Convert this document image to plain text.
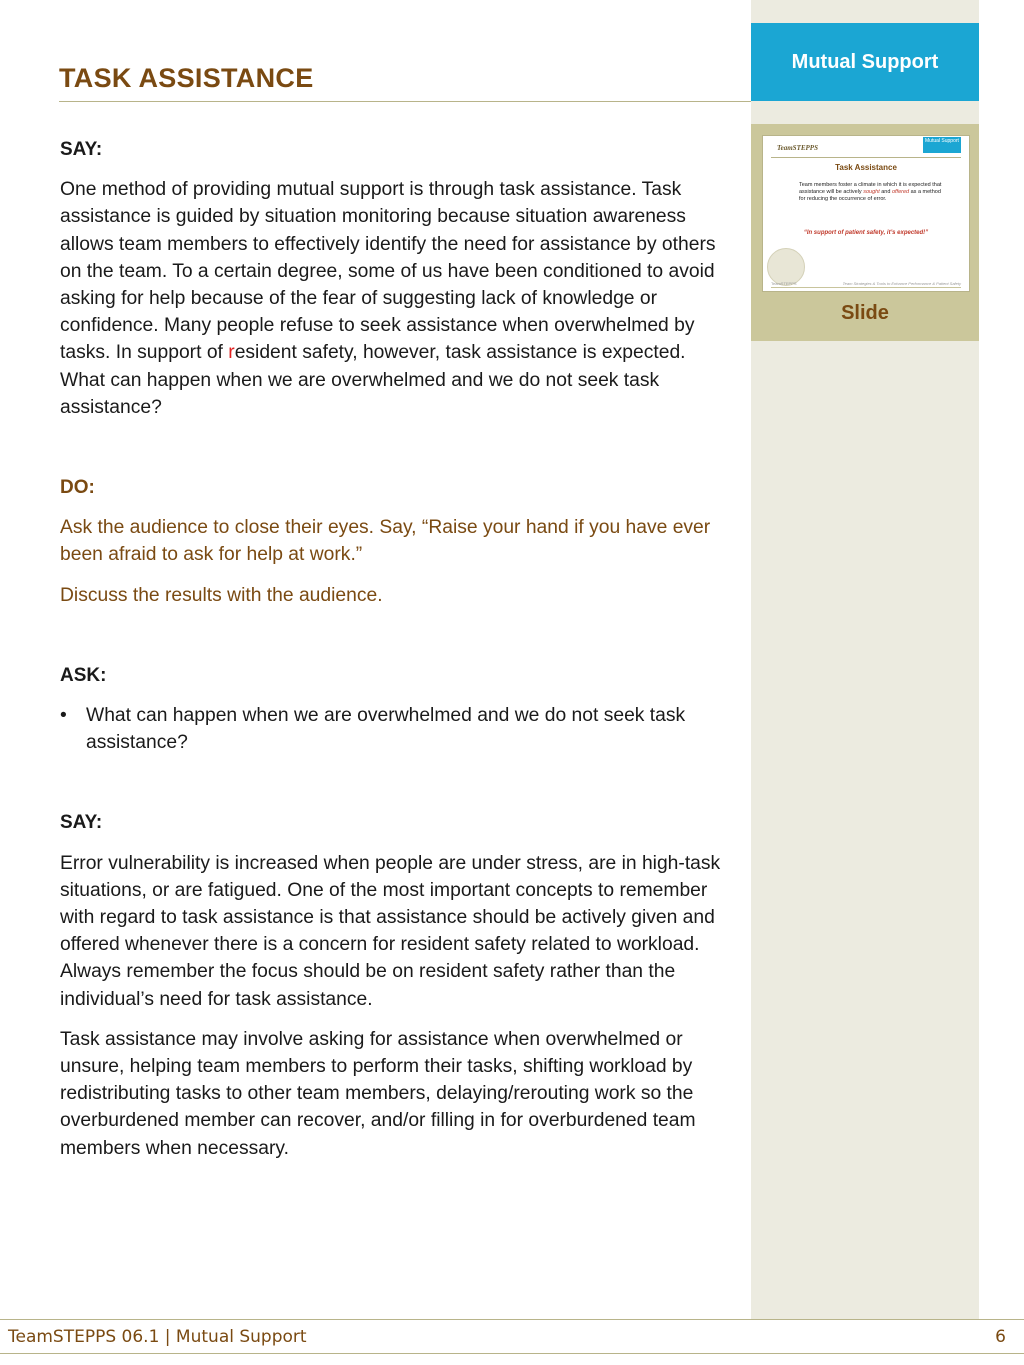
Mutual Support
TeamSTEPPS
Mutual Support
Task Assistance
Team members foster a climate in which it is expected that assistance will be actively sought and offered as a method for reducing the occurrence of error.
“In support of patient safety, it’s expected!”
TeamSTEPPS	Team Strategies & Tools to Enhance Performance & Patient Safety
Slide
TASK ASSISTANCE
SAY:

One method of providing mutual support is through task assistance. Task assistance is guided by situation monitoring because situation awareness allows team members to effectively identify the need for assistance by others on the team. To a certain degree, some of us have been conditioned to avoid asking for help because of the fear of suggesting lack of knowledge or confidence. Many people refuse to seek assistance when overwhelmed by tasks. In support of resident safety, however, task assistance is expected. What can happen when we are overwhelmed and we do not seek task assistance?

DO:

Ask the audience to close their eyes. Say, “Raise your hand if you have ever been afraid to ask for help at work.”

Discuss the results with the audience.

ASK:
• What can happen when we are overwhelmed and we do not seek task assistance?
SAY:

Error vulnerability is increased when people are under stress, are in high-task situations, or are fatigued. One of the most important concepts to remember with regard to task assistance is that assistance should be actively given and offered whenever there is a concern for resident safety related to workload. Always remember the focus should be on resident safety rather than the individual’s need for task assistance.

Task assistance may involve asking for assistance when overwhelmed or unsure, helping team members to perform their tasks, shifting workload by redistributing tasks to other team members, delaying/rerouting work so the overburdened member can recover, and/or filling in for overburdened team members when necessary.

TeamSTEPPS 06.1 | Mutual Support	6
